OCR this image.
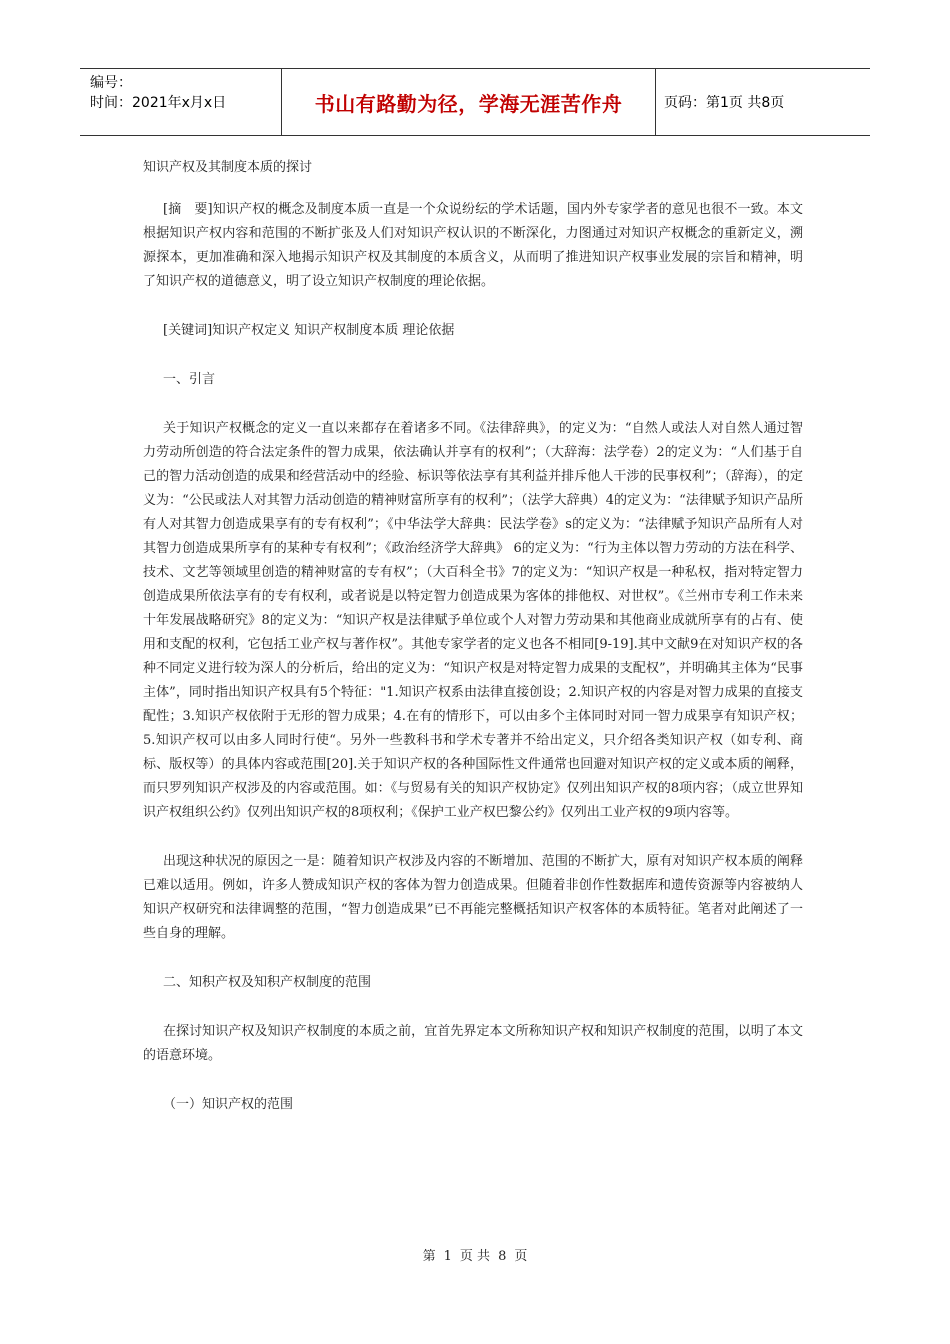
编号：
时间：2021年x月x日	书山有路勤为径，学海无涯苦作舟	页码：第1页 共8页

知识产权及其制度本质的探讨

[摘　要]知识产权的概念及制度本质一直是一个众说纷纭的学术话题，国内外专家学者的意见也很不一致。本文根据知识产权内容和范围的不断扩张及人们对知识产权认识的不断深化，力图通过对知识产权概念的重新定义，溯源探本，更加准确和深入地揭示知识产权及其制度的本质含义，从而明了推进知识产权事业发展的宗旨和精神，明了知识产权的道德意义，明了设立知识产权制度的理论依据。

[关键词]知识产权定义 知识产权制度本质 理论依据

一、引言

关于知识产权概念的定义一直以来都存在着诸多不同。《法律辞典》，的定义为：“自然人或法人对自然人通过智力劳动所创造的符合法定条件的智力成果，依法确认并享有的权利”；（大辞海：法学卷）2的定义为：“人们基于自己的智力活动创造的成果和经营活动中的经验、标识等依法享有其利益并排斥他人干涉的民事权利”；（辞海），的定义为：“公民或法人对其智力活动创造的精神财富所享有的权利”；（法学大辞典）4的定义为：“法律赋予知识产品所有人对其智力创造成果享有的专有权利”；《中华法学大辞典：民法学卷》s的定义为：“法律赋予知识产品所有人对其智力创造成果所享有的某种专有权利”；《政治经济学大辞典》 6的定义为：“行为主体以智力劳动的方法在科学、技术、文艺等领域里创造的精神财富的专有权”；（大百科全书》7的定义为：“知识产权是一种私权，指对特定智力创造成果所依法享有的专有权利，或者说是以特定智力创造成果为客体的排他权、对世权”。《兰州市专利工作未来十年发展战略研究》8的定义为：“知识产权是法律赋予单位或个人对智力劳动果和其他商业成就所享有的占有、使用和支配的权利，它包括工业产权与著作权”。其他专家学者的定义也各不相同[9-19].其中文献9在对知识产权的各种不同定义进行较为深人的分析后，给出的定义为：“知识产权是对特定智力成果的支配权”，并明确其主体为“民事主体”，同时指出知识产权具有5个特征："1.知识产权系由法律直接创设；2.知识产权的内容是对智力成果的直接支配性；3.知识产权依附于无形的智力成果；4.在有的情形下，可以由多个主体同时对同一智力成果享有知识产权；5.知识产权可以由多人同时行使“。另外一些教科书和学术专著并不给出定义，只介绍各类知识产权（如专利、商标、版权等）的具体内容或范围[20].关于知识产权的各种国际性文件通常也回避对知识产权的定义或本质的阐释，而只罗列知识产权涉及的内容或范围。如：《与贸易有关的知识产权协定》仅列出知识产权的8项内容；（成立世界知识产权组织公约》仅列出知识产权的8项权利；《保护工业产权巴黎公约》仅列出工业产权的9项内容等。

出现这种状况的原因之一是：随着知识产权涉及内容的不断增加、范围的不断扩大，原有对知识产权本质的阐释已难以适用。例如，许多人赞成知识产权的客体为智力创造成果。但随着非创作性数据库和遗传资源等内容被纳人知识产权研究和法律调整的范围，“智力创造成果”已不再能完整概括知识产权客体的本质特征。笔者对此阐述了一些自身的理解。

二、知积产权及知积产权制度的范围

在探讨知识产权及知识产权制度的本质之前，宜首先界定本文所称知识产权和知识产权制度的范围，以明了本文的语意环境。

（一）知识产权的范围

第 1 页 共 8 页
